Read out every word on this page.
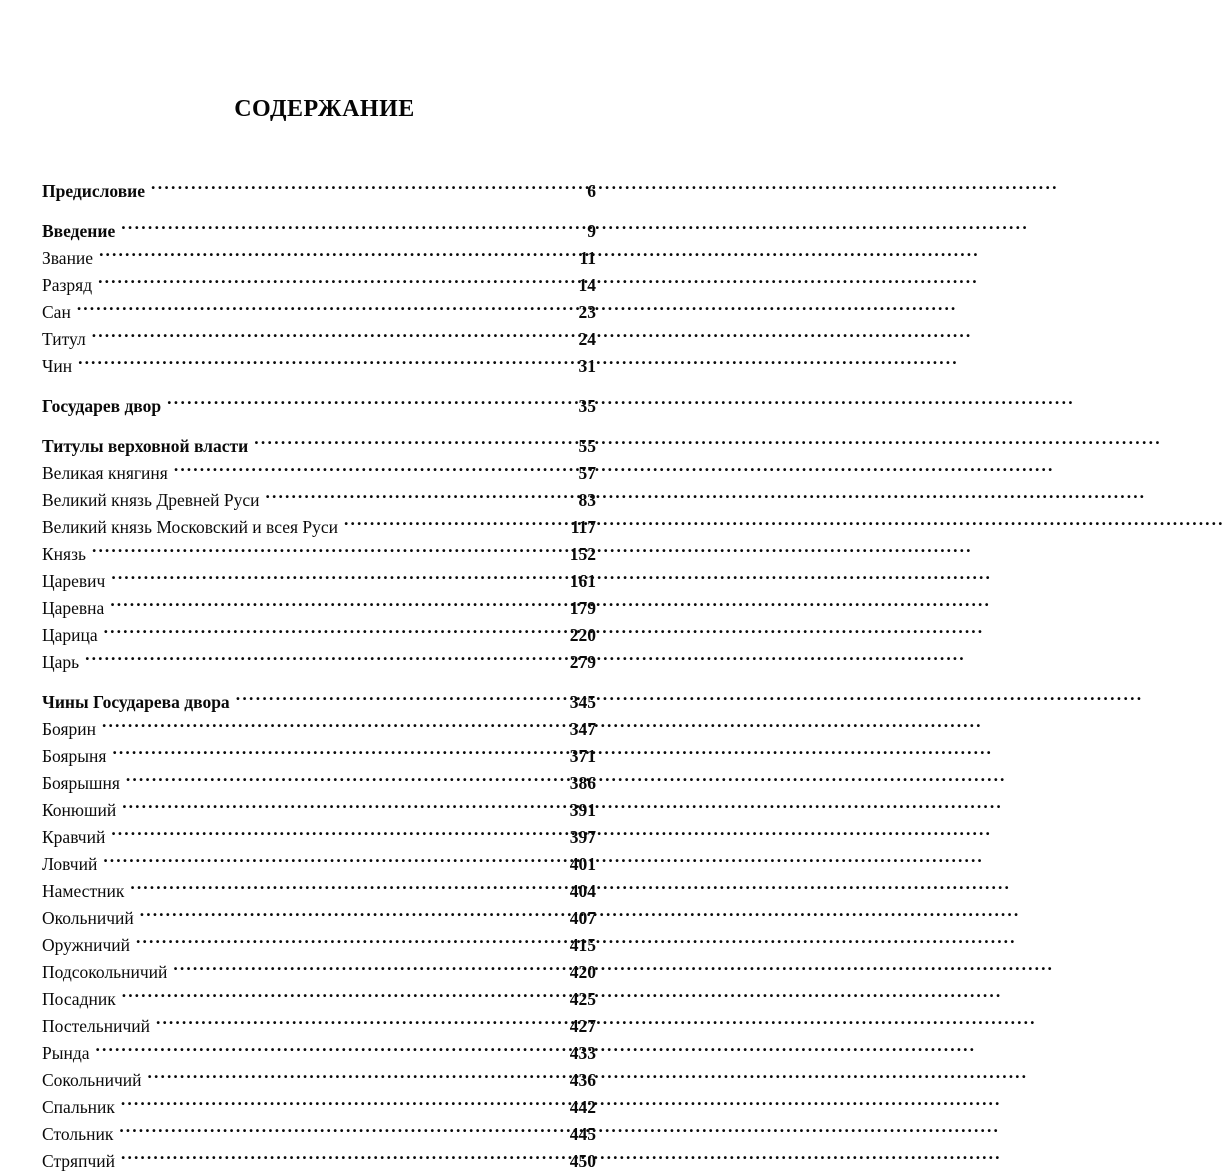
СОДЕРЖАНИЕ
Предисловие .....	6
Введение .....	9
Звание .....	11
Разряд .....	14
Сан .....	23
Титул .....	24
Чин .....	31
Государев двор .....	35
Титулы верховной власти .....	55
Великая княгиня .....	57
Великий князь Древней Руси .....	83
Великий князь Московский и всея Руси .....	117
Князь .....	152
Царевич .....	161
Царевна .....	179
Царица .....	220
Царь .....	279
Чины Государева двора .....	345
Боярин .....	347
Боярыня .....	371
Боярышня .....	386
Конюший .....	391
Кравчий .....	397
Ловчий .....	401
Наместник .....	404
Окольничий .....	407
Оружничий .....	415
Подсокольничий .....	420
Посадник .....	425
Постельничий .....	427
Рында .....	433
Сокольничий .....	436
Спальник .....	442
Стольник .....	445
Стряпчий .....	450
